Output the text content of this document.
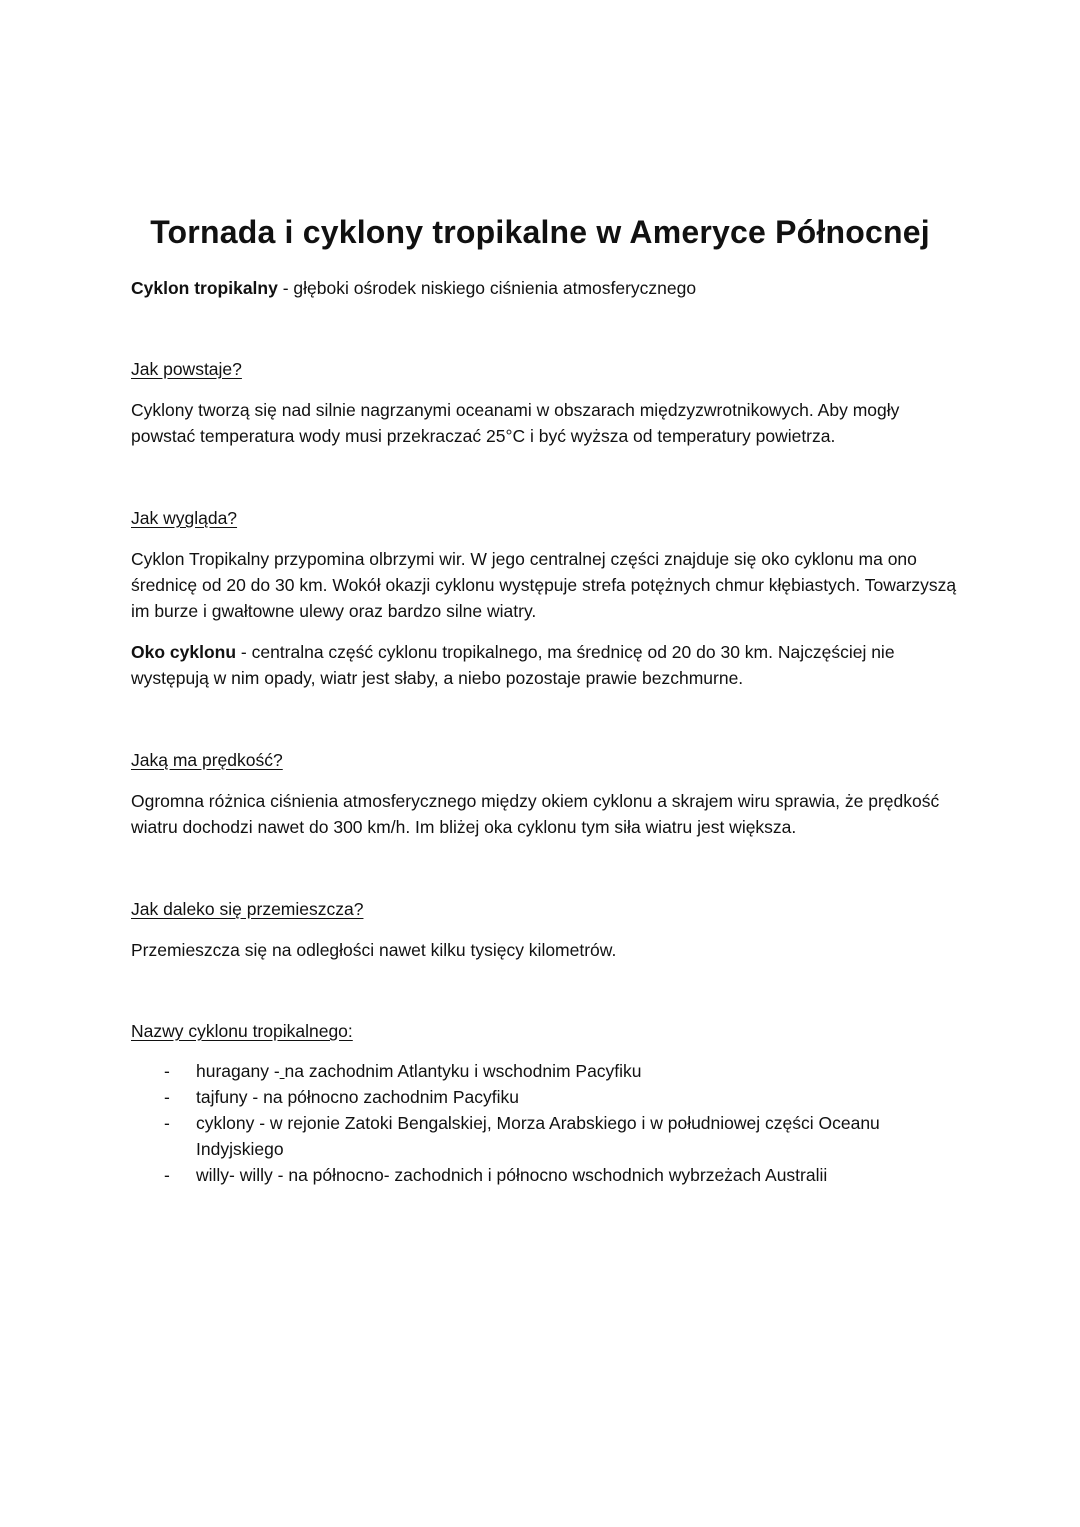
Tornada i cyklony tropikalne w Ameryce Północnej
Cyklon tropikalny - głęboki ośrodek niskiego ciśnienia atmosferycznego
Jak powstaje?
Cyklony tworzą się nad silnie nagrzanymi oceanami w obszarach międzyzwrotnikowych. Aby mogły powstać temperatura wody musi przekraczać 25°C i być wyższa od temperatury powietrza.
Jak wygląda?
Cyklon Tropikalny przypomina olbrzymi wir. W jego centralnej części znajduje się oko cyklonu ma ono średnicę od 20 do 30 km. Wokół okazji cyklonu występuje strefa potężnych chmur kłębiastych. Towarzyszą im burze i gwałtowne ulewy oraz bardzo silne wiatry.
Oko cyklonu - centralna część cyklonu tropikalnego, ma średnicę od 20 do 30 km. Najczęściej nie występują w nim opady, wiatr jest słaby, a niebo pozostaje prawie bezchmurne.
Jaką ma prędkość?
Ogromna różnica ciśnienia atmosferycznego między okiem cyklonu a skrajem wiru sprawia, że prędkość wiatru dochodzi nawet do 300 km/h. Im bliżej oka cyklonu tym siła wiatru jest większa.
Jak daleko się przemieszcza?
Przemieszcza się na odległości nawet kilku tysięcy kilometrów.
Nazwy cyklonu tropikalnego:
- huragany - na zachodnim Atlantyku i wschodnim Pacyfiku
- tajfuny - na północno zachodnim Pacyfiku
- cyklony - w rejonie Zatoki Bengalskiej, Morza Arabskiego i w południowej części Oceanu Indyjskiego
- willy- willy - na północno- zachodnich i północno wschodnich wybrzeżach Australii
